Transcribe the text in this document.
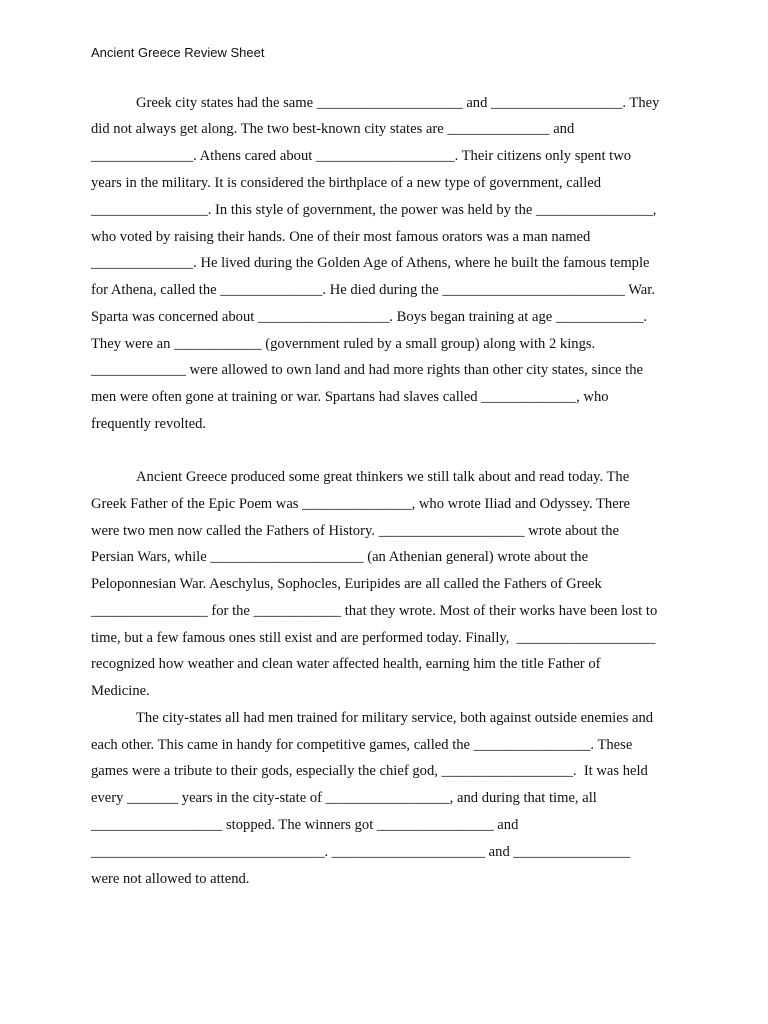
Ancient Greece Review Sheet
Greek city states had the same ____________________ and __________________. They
did not always get along. The two best-known city states are ______________ and
______________. Athens cared about ___________________. Their citizens only spent two
years in the military. It is considered the birthplace of a new type of government, called
________________. In this style of government, the power was held by the ________________,
who voted by raising their hands. One of their most famous orators was a man named
______________. He lived during the Golden Age of Athens, where he built the famous temple
for Athena, called the ______________. He died during the _________________________ War.
Sparta was concerned about __________________. Boys began training at age ____________.
They were an ____________ (government ruled by a small group) along with 2 kings.
_____________ were allowed to own land and had more rights than other city states, since the
men were often gone at training or war. Spartans had slaves called _____________, who
frequently revolted.
Ancient Greece produced some great thinkers we still talk about and read today. The
Greek Father of the Epic Poem was _______________, who wrote Iliad and Odyssey. There
were two men now called the Fathers of History. ____________________ wrote about the
Persian Wars, while _____________________ (an Athenian general) wrote about the
Peloponnesian War. Aeschylus, Sophocles, Euripides are all called the Fathers of Greek
________________ for the ____________ that they wrote. Most of their works have been lost to
time, but a few famous ones still exist and are performed today. Finally,  ___________________
recognized how weather and clean water affected health, earning him the title Father of
Medicine.
The city-states all had men trained for military service, both against outside enemies and
each other. This came in handy for competitive games, called the ________________. These
games were a tribute to their gods, especially the chief god, __________________.  It was held
every _______ years in the city-state of _________________, and during that time, all
__________________ stopped. The winners got ________________ and
________________________________. _____________________ and ________________
were not allowed to attend.
